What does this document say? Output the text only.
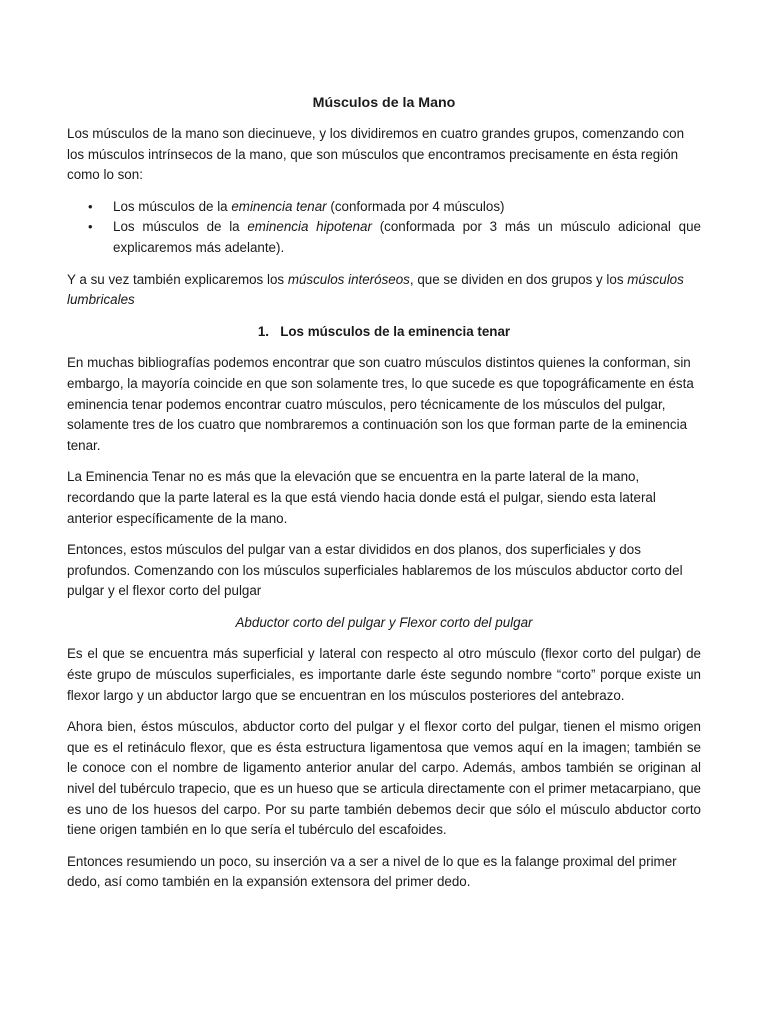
Músculos de la Mano

Los músculos de la mano son diecinueve, y los dividiremos en cuatro grandes grupos, comenzando con los músculos intrínsecos de la mano, que son músculos que encontramos precisamente en ésta región como lo son:

• Los músculos de la eminencia tenar (conformada por 4 músculos)
• Los músculos de la eminencia hipotenar (conformada por 3 más un músculo adicional que explicaremos más adelante).

Y a su vez también explicaremos los músculos interóseos, que se dividen en dos grupos y los músculos lumbricales

1. Los músculos de la eminencia tenar

En muchas bibliografías podemos encontrar que son cuatro músculos distintos quienes la conforman, sin embargo, la mayoría coincide en que son solamente tres, lo que sucede es que topográficamente en ésta eminencia tenar podemos encontrar cuatro músculos, pero técnicamente de los músculos del pulgar, solamente tres de los cuatro que nombraremos a continuación son los que forman parte de la eminencia tenar.

La Eminencia Tenar no es más que la elevación que se encuentra en la parte lateral de la mano, recordando que la parte lateral es la que está viendo hacia donde está el pulgar, siendo esta lateral anterior específicamente de la mano.

Entonces, estos músculos del pulgar van a estar divididos en dos planos, dos superficiales y dos profundos. Comenzando con los músculos superficiales hablaremos de los músculos abductor corto del pulgar y el flexor corto del pulgar

Abductor corto del pulgar y Flexor corto del pulgar

Es el que se encuentra más superficial y lateral con respecto al otro músculo (flexor corto del pulgar) de éste grupo de músculos superficiales, es importante darle éste segundo nombre “corto” porque existe un flexor largo y un abductor largo que se encuentran en los músculos posteriores del antebrazo.

Ahora bien, éstos músculos, abductor corto del pulgar y el flexor corto del pulgar, tienen el mismo origen que es el retináculo flexor, que es ésta estructura ligamentosa que vemos aquí en la imagen; también se le conoce con el nombre de ligamento anterior anular del carpo. Además, ambos también se originan al nivel del tubérculo trapecio, que es un hueso que se articula directamente con el primer metacarpiano, que es uno de los huesos del carpo. Por su parte también debemos decir que sólo el músculo abductor corto tiene origen también en lo que sería el tubérculo del escafoides.

Entonces resumiendo un poco, su inserción va a ser a nivel de lo que es la falange proximal del primer dedo, así como también en la expansión extensora del primer dedo.
